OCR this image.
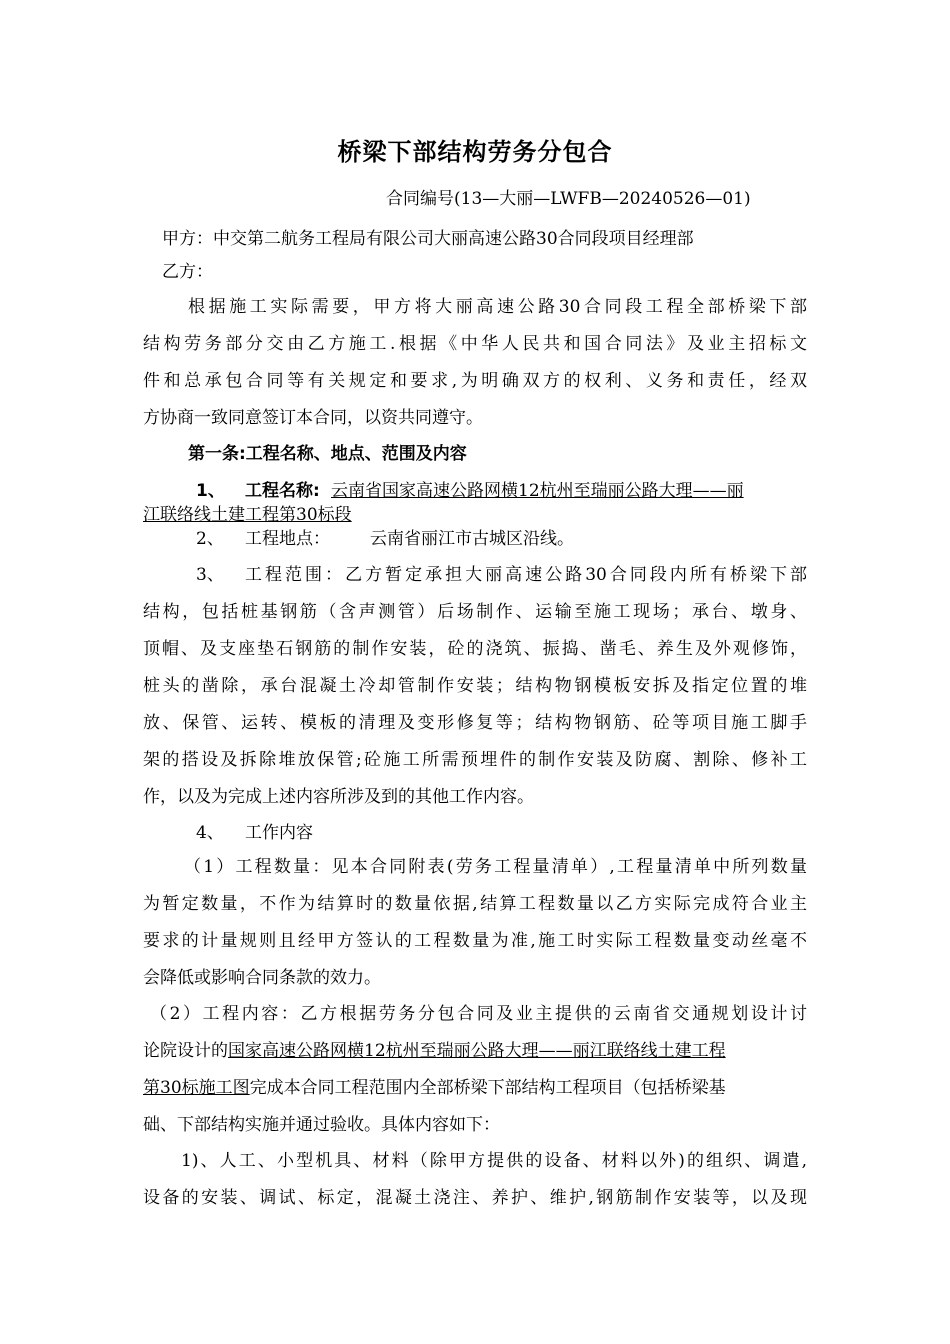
桥梁下部结构劳务分包合
合同编号(13—大丽—LWFB—20240526—01)
甲方：中交第二航务工程局有限公司大丽高速公路30合同段项目经理部
乙方：
根据施工实际需要，甲方将大丽高速公路30合同段工程全部桥梁下部
结构劳务部分交由乙方施工.根据《中华人民共和国合同法》及业主招标文
件和总承包合同等有关规定和要求,为明确双方的权利、义务和责任，经双
方协商一致同意签订本合同，以资共同遵守。
第一条:工程名称、地点、范围及内容
1、 工程名称: 云南省国家高速公路网横12杭州至瑞丽公路大理——丽
江联络线土建工程第30标段
2、 工程地点： 云南省丽江市古城区沿线。
3、 工程范围：乙方暂定承担大丽高速公路30合同段内所有桥梁下部
结构，包括桩基钢筋（含声测管）后场制作、运输至施工现场；承台、墩身、
顶帽、及支座垫石钢筋的制作安装，砼的浇筑、振捣、凿毛、养生及外观修饰，
桩头的凿除，承台混凝土冷却管制作安装；结构物钢模板安拆及指定位置的堆
放、保管、运转、模板的清理及变形修复等；结构物钢筋、砼等项目施工脚手
架的搭设及拆除堆放保管;砼施工所需预埋件的制作安装及防腐、割除、修补工
作，以及为完成上述内容所涉及到的其他工作内容。
4、 工作内容
（1）工程数量：见本合同附表(劳务工程量清单）,工程量清单中所列数量
为暂定数量，不作为结算时的数量依据,结算工程数量以乙方实际完成符合业主
要求的计量规则且经甲方签认的工程数量为准,施工时实际工程数量变动丝毫不
会降低或影响合同条款的效力。
（2）工程内容：乙方根据劳务分包合同及业主提供的云南省交通规划设计讨
论院设计的国家高速公路网横12杭州至瑞丽公路大理——丽江联络线土建工程
第30标施工图完成本合同工程范围内全部桥梁下部结构工程项目（包括桥梁基
础、下部结构实施并通过验收。具体内容如下：
1)、人工、小型机具、材料（除甲方提供的设备、材料以外)的组织、调遣,
设备的安装、调试、标定，混凝土浇注、养护、维护,钢筋制作安装等，以及现
